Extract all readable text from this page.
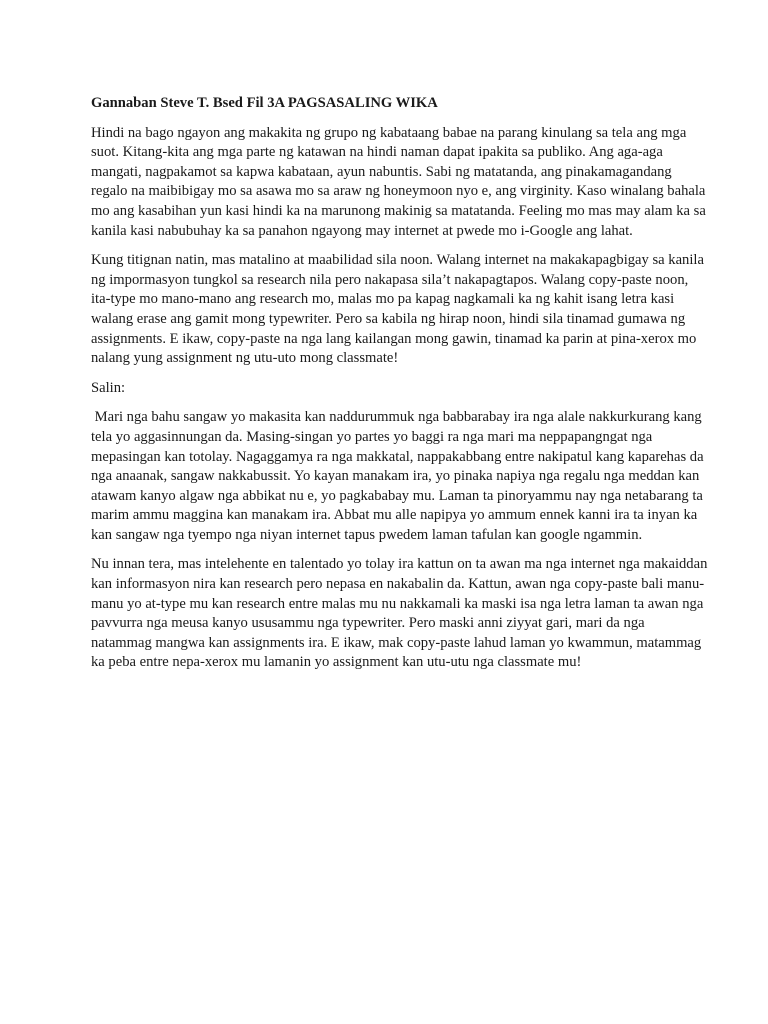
Gannaban Steve T. Bsed Fil 3A PAGSASALING WIKA

Hindi na bago ngayon ang makakita ng grupo ng kabataang babae na parang kinulang sa tela ang mga suot. Kitang-kita ang mga parte ng katawan na hindi naman dapat ipakita sa publiko. Ang aga-aga mangati, nagpakamot sa kapwa kabataan, ayun nabuntis. Sabi ng matatanda, ang pinakamagandang regalo na maibibigay mo sa asawa mo sa araw ng honeymoon nyo e, ang virginity. Kaso winalang bahala mo ang kasabihan yun kasi hindi ka na marunong makinig sa matatanda. Feeling mo mas may alam ka sa kanila kasi nabubuhay ka sa panahon ngayong may internet at pwede mo i-Google ang lahat.

Kung titignan natin, mas matalino at maabilidad sila noon. Walang internet na makakapagbigay sa kanila ng impormasyon tungkol sa research nila pero nakapasa sila’t nakapagtapos. Walang copy-paste noon, ita-type mo mano-mano ang research mo, malas mo pa kapag nagkamali ka ng kahit isang letra kasi walang erase ang gamit mong typewriter. Pero sa kabila ng hirap noon, hindi sila tinamad gumawa ng assignments. E ikaw, copy-paste na nga lang kailangan mong gawin, tinamad ka parin at pina-xerox mo nalang yung assignment ng utu-uto mong classmate!

Salin:

Mari nga bahu sangaw yo makasita kan naddurummuk nga babbarabay ira nga alale nakkurkurang kang tela yo aggasinnungan da. Masing-singan yo partes yo baggi ra nga mari ma neppapangngat nga mepasingan kan totolay. Nagaggamya ra nga makkatal, nappakabbang entre nakipatul kang kaparehas da nga anaanak, sangaw nakkabussit. Yo kayan manakam ira, yo pinaka napiya nga regalu nga meddan kan atawam kanyo algaw nga abbikat nu e, yo pagkababay mu. Laman ta pinoryammu nay nga netabarang ta marim ammu maggina kan manakam ira. Abbat mu alle napipya yo ammum ennek kanni ira ta inyan ka kan sangaw nga tyempo nga niyan internet tapus pwedem laman tafulan kan google ngammin.

Nu innan tera, mas intelehente en talentado yo tolay ira kattun on ta awan ma nga internet nga makaiddan kan informasyon nira kan research pero nepasa en nakabalin da. Kattun, awan nga copy-paste bali manu-manu yo at-type mu kan research entre malas mu nu nakkamali ka maski isa nga letra laman ta awan nga pavvurra nga meusa kanyo ususammu nga typewriter. Pero maski anni ziyyat gari, mari da nga natammag mangwa kan assignments ira. E ikaw, mak copy-paste lahud laman yo kwammun, matammag ka peba entre nepa-xerox mu lamanin yo assignment kan utu-utu nga classmate mu!
